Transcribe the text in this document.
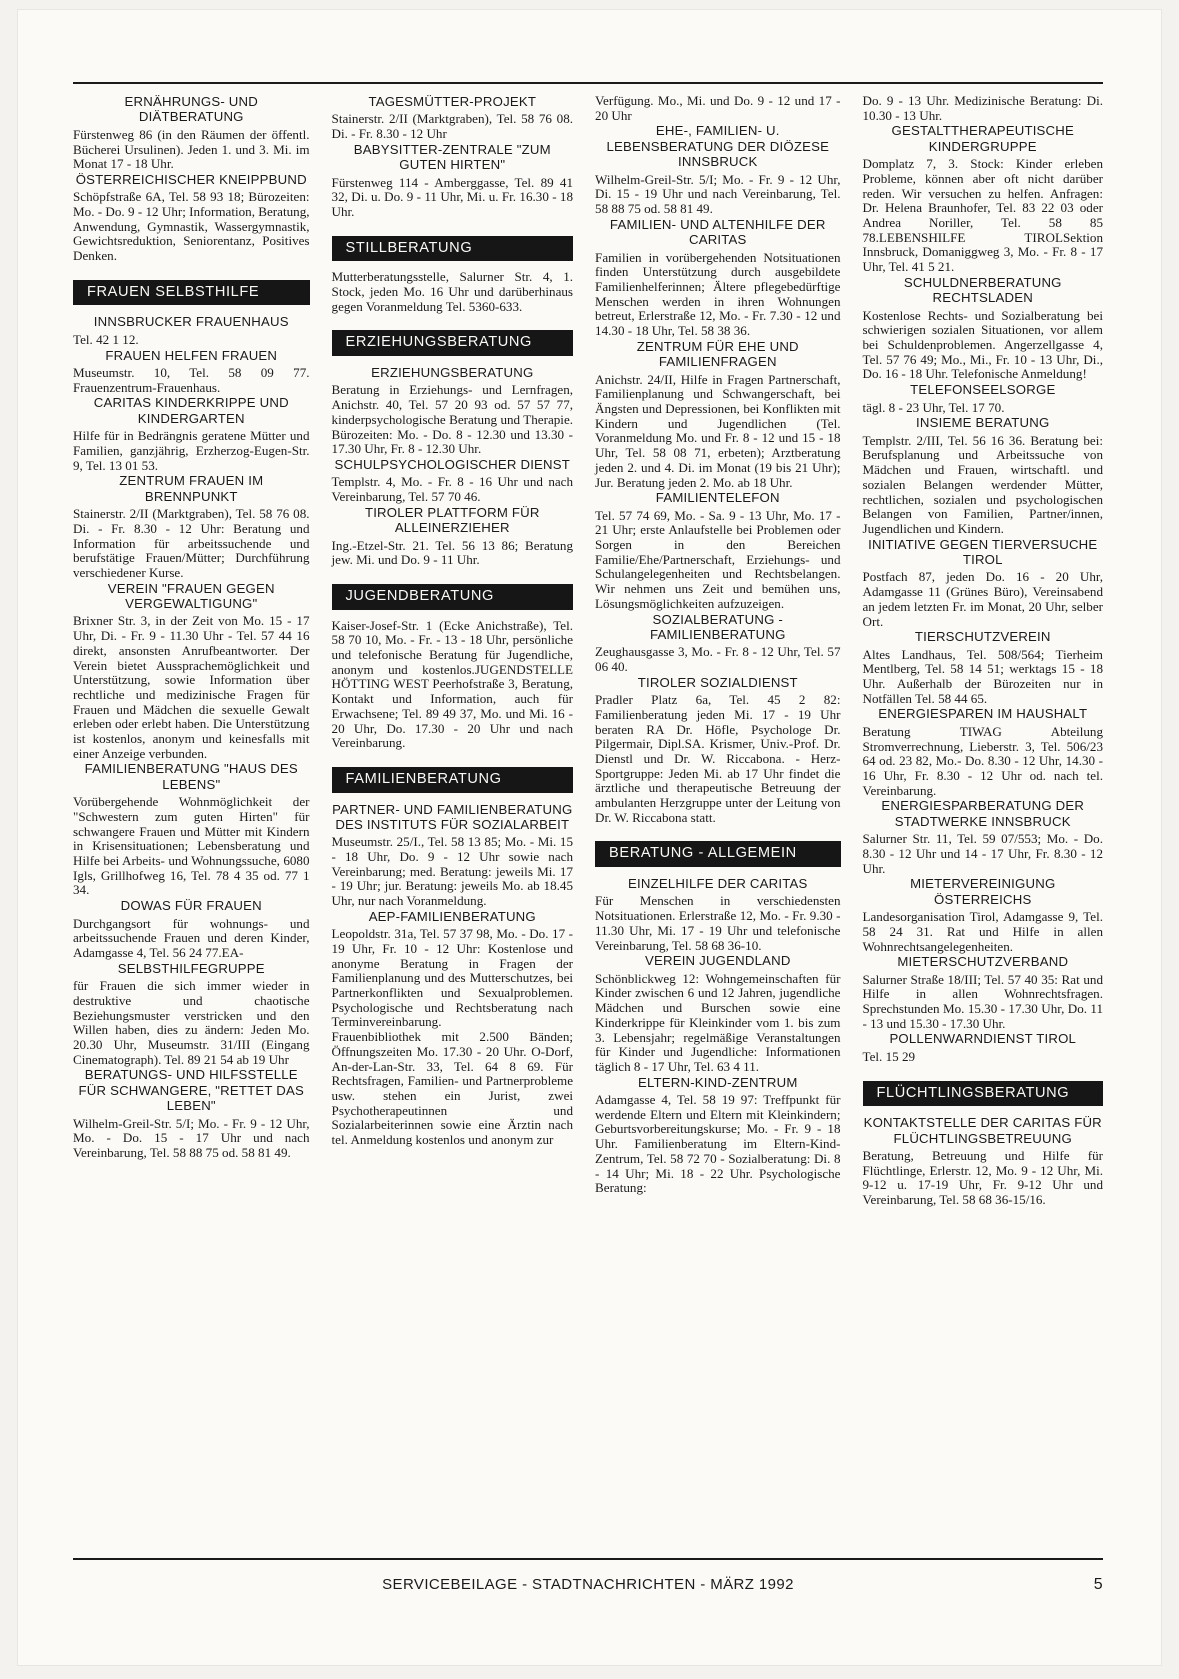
ERNÄHRUNGS- UND DIÄTBERATUNG
Fürstenweg 86 (in den Räumen der öffentl. Bücherei Ursulinen). Jeden 1. und 3. Mi. im Monat 17 - 18 Uhr.
ÖSTERREICHISCHER KNEIPPBUND
Schöpfstraße 6A, Tel. 58 93 18; Bürozeiten: Mo. - Do. 9 - 12 Uhr; Information, Beratung, Anwendung, Gymnastik, Wassergymnastik, Gewichtsreduktion, Seniorentanz, Positives Denken.
FRAUEN SELBSTHILFE
INNSBRUCKER FRAUENHAUS
Tel. 42 1 12.
FRAUEN HELFEN FRAUEN
Museumstr. 10, Tel. 58 09 77. Frauenzentrum-Frauenhaus.
CARITAS KINDERKRIPPE UND KINDERGARTEN
Hilfe für in Bedrängnis geratene Mütter und Familien, ganzjährig, Erzherzog-Eugen-Str. 9, Tel. 13 01 53.
ZENTRUM FRAUEN IM BRENNPUNKT
Stainerstr. 2/II (Marktgraben), Tel. 58 76 08. Di. - Fr. 8.30 - 12 Uhr: Beratung und Information für arbeitssuchende und berufstätige Frauen/Mütter; Durchführung verschiedener Kurse.
VEREIN "FRAUEN GEGEN VERGEWALTIGUNG"
Brixner Str. 3, in der Zeit von Mo. 15 - 17 Uhr, Di. - Fr. 9 - 11.30 Uhr - Tel. 57 44 16 direkt, ansonsten Anrufbeantworter. Der Verein bietet Aussprachemöglichkeit und Unterstützung, sowie Information über rechtliche und medizinische Fragen für Frauen und Mädchen die sexuelle Gewalt erleben oder erlebt haben. Die Unterstützung ist kostenlos, anonym und keinesfalls mit einer Anzeige verbunden.
FAMILIENBERATUNG "HAUS DES LEBENS"
Vorübergehende Wohnmöglichkeit der "Schwestern zum guten Hirten" für schwangere Frauen und Mütter mit Kindern in Krisensituationen; Lebensberatung und Hilfe bei Arbeits- und Wohnungssuche, 6080 Igls, Grillhofweg 16, Tel. 78 4 35 od. 77 1 34.
DOWAS FÜR FRAUEN
Durchgangsort für wohnungs- und arbeitssuchende Frauen und deren Kinder, Adamgasse 4, Tel. 56 24 77.EA-
SELBSTHILFEGRUPPE
für Frauen die sich immer wieder in destruktive und chaotische Beziehungsmuster verstricken und den Willen haben, dies zu ändern: Jeden Mo. 20.30 Uhr, Museumstr. 31/III (Eingang Cinematograph). Tel. 89 21 54 ab 19 Uhr
BERATUNGS- UND HILFSSTELLE FÜR SCHWANGERE, "RETTET DAS LEBEN"
Wilhelm-Greil-Str. 5/I; Mo. - Fr. 9 - 12 Uhr, Mo. - Do. 15 - 17 Uhr und nach Vereinbarung, Tel. 58 88 75 od. 58 81 49.
TAGESMÜTTER-PROJEKT
Stainerstr. 2/II (Marktgraben), Tel. 58 76 08. Di. - Fr. 8.30 - 12 Uhr
BABYSITTER-ZENTRALE "ZUM GUTEN HIRTEN"
Fürstenweg 114 - Amberggasse, Tel. 89 41 32, Di. u. Do. 9 - 11 Uhr, Mi. u. Fr. 16.30 - 18 Uhr.
STILLBERATUNG
Mutterberatungsstelle, Salurner Str. 4, 1. Stock, jeden Mo. 16 Uhr und darüberhinaus gegen Voranmeldung Tel. 5360-633.
ERZIEHUNGSBERATUNG
ERZIEHUNGSBERATUNG
Beratung in Erziehungs- und Lernfragen, Anichstr. 40, Tel. 57 20 93 od. 57 57 77, kinderpsychologische Beratung und Therapie. Bürozeiten: Mo. - Do. 8 - 12.30 und 13.30 - 17.30 Uhr, Fr. 8 - 12.30 Uhr.
SCHULPSYCHOLOGISCHER DIENST
Templstr. 4, Mo. - Fr. 8 - 16 Uhr und nach Vereinbarung, Tel. 57 70 46.
TIROLER PLATTFORM FÜR ALLEINERZIEHER
Ing.-Etzel-Str. 21. Tel. 56 13 86; Beratung jew. Mi. und Do. 9 - 11 Uhr.
JUGENDBERATUNG
Kaiser-Josef-Str. 1 (Ecke Anichstraße), Tel. 58 70 10, Mo. - Fr. - 13 - 18 Uhr, persönliche und telefonische Beratung für Jugendliche, anonym und kostenlos.JUGENDSTELLE HÖTTING WEST Peerhofstraße 3, Beratung, Kontakt und Information, auch für Erwachsene; Tel. 89 49 37, Mo. und Mi. 16 - 20 Uhr, Do. 17.30 - 20 Uhr und nach Vereinbarung.
FAMILIENBERATUNG
PARTNER- UND FAMILIENBERATUNG DES INSTITUTS FÜR SOZIALARBEIT
Museumstr. 25/I., Tel. 58 13 85; Mo. - Mi. 15 - 18 Uhr, Do. 9 - 12 Uhr sowie nach Vereinbarung; med. Beratung: jeweils Mi. 17 - 19 Uhr; jur. Beratung: jeweils Mo. ab 18.45 Uhr, nur nach Voranmeldung.
AEP-FAMILIENBERATUNG
Leopoldstr. 31a, Tel. 57 37 98, Mo. - Do. 17 - 19 Uhr, Fr. 10 - 12 Uhr: Kostenlose und anonyme Beratung in Fragen der Familienplanung und des Mutterschutzes, bei Partnerkonflikten und Sexualproblemen. Psychologische und Rechtsberatung nach Terminvereinbarung.
Frauenbibliothek mit 2.500 Bänden; Öffnungszeiten Mo. 17.30 - 20 Uhr. O-Dorf, An-der-Lan-Str. 33, Tel. 64 8 69. Für Rechtsfragen, Familien- und Partnerprobleme usw. stehen ein Jurist, zwei Psychotherapeutinnen und Sozialarbeiterinnen sowie eine Ärztin nach tel. Anmeldung kostenlos und anonym zur
Verfügung. Mo., Mi. und Do. 9 - 12 und 17 - 20 Uhr
EHE-, FAMILIEN- U. LEBENSBERATUNG DER DIÖZESE INNSBRUCK
Wilhelm-Greil-Str. 5/I; Mo. - Fr. 9 - 12 Uhr, Di. 15 - 19 Uhr und nach Vereinbarung, Tel. 58 88 75 od. 58 81 49.
FAMILIEN- UND ALTENHILFE DER CARITAS
Familien in vorübergehenden Notsituationen finden Unterstützung durch ausgebildete Familienhelferinnen; Ältere pflegebedürftige Menschen werden in ihren Wohnungen betreut, Erlerstraße 12, Mo. - Fr. 7.30 - 12 und 14.30 - 18 Uhr, Tel. 58 38 36.
ZENTRUM FÜR EHE UND FAMILIENFRAGEN
Anichstr. 24/II, Hilfe in Fragen Partnerschaft, Familienplanung und Schwangerschaft, bei Ängsten und Depressionen, bei Konflikten mit Kindern und Jugendlichen (Tel. Voranmeldung Mo. und Fr. 8 - 12 und 15 - 18 Uhr, Tel. 58 08 71, erbeten); Arztberatung jeden 2. und 4. Di. im Monat (19 bis 21 Uhr); Jur. Beratung jeden 2. Mo. ab 18 Uhr.
FAMILIENTELEFON
Tel. 57 74 69, Mo. - Sa. 9 - 13 Uhr, Mo. 17 - 21 Uhr; erste Anlaufstelle bei Problemen oder Sorgen in den Bereichen Familie/Ehe/Partnerschaft, Erziehungs- und Schulangelegenheiten und Rechtsbelangen. Wir nehmen uns Zeit und bemühen uns, Lösungsmöglichkeiten aufzuzeigen.
SOZIALBERATUNG - FAMILIENBERATUNG
Zeughausgasse 3, Mo. - Fr. 8 - 12 Uhr, Tel. 57 06 40.
TIROLER SOZIALDIENST
Pradler Platz 6a, Tel. 45 2 82: Familienberatung jeden Mi. 17 - 19 Uhr beraten RA Dr. Höfle, Psychologe Dr. Pilgermair, Dipl.SA. Krismer, Univ.-Prof. Dr. Dienstl und Dr. W. Riccabona. - Herz-Sportgruppe: Jeden Mi. ab 17 Uhr findet die ärztliche und therapeutische Betreuung der ambulanten Herzgruppe unter der Leitung von Dr. W. Riccabona statt.
BERATUNG - ALLGEMEIN
EINZELHILFE DER CARITAS
Für Menschen in verschiedensten Notsituationen. Erlerstraße 12, Mo. - Fr. 9.30 - 11.30 Uhr, Mi. 17 - 19 Uhr und telefonische Vereinbarung, Tel. 58 68 36-10.
VEREIN JUGENDLAND
Schönblickweg 12: Wohngemeinschaften für Kinder zwischen 6 und 12 Jahren, jugendliche Mädchen und Burschen sowie eine Kinderkrippe für Kleinkinder vom 1. bis zum 3. Lebensjahr; regelmäßige Veranstaltungen für Kinder und Jugendliche: Informationen täglich 8 - 17 Uhr, Tel. 63 4 11.
ELTERN-KIND-ZENTRUM
Adamgasse 4, Tel. 58 19 97: Treffpunkt für werdende Eltern und Eltern mit Kleinkindern; Geburtsvorbereitungskurse; Mo. - Fr. 9 - 18 Uhr. Familienberatung im Eltern-Kind-Zentrum, Tel. 58 72 70 - Sozialberatung: Di. 8 - 14 Uhr; Mi. 18 - 22 Uhr. Psychologische Beratung:
Do. 9 - 13 Uhr. Medizinische Beratung: Di. 10.30 - 13 Uhr.
GESTALTTHERAPEUTISCHE KINDERGRUPPE
Domplatz 7, 3. Stock: Kinder erleben Probleme, können aber oft nicht darüber reden. Wir versuchen zu helfen. Anfragen: Dr. Helena Braunhofer, Tel. 83 22 03 oder Andrea Noriller, Tel. 58 85 78.LEBENSHILFE TIROLSektion Innsbruck, Domaniggweg 3, Mo. - Fr. 8 - 17 Uhr, Tel. 41 5 21.
SCHULDNERBERATUNG RECHTSLADEN
Kostenlose Rechts- und Sozialberatung bei schwierigen sozialen Situationen, vor allem bei Schuldenproblemen. Angerzellgasse 4, Tel. 57 76 49; Mo., Mi., Fr. 10 - 13 Uhr, Di., Do. 16 - 18 Uhr. Telefonische Anmeldung!
TELEFONSEELSORGE
tägl. 8 - 23 Uhr, Tel. 17 70.
INSIEME BERATUNG
Templstr. 2/III, Tel. 56 16 36. Beratung bei: Berufsplanung und Arbeitssuche von Mädchen und Frauen, wirtschaftl. und sozialen Belangen werdender Mütter, rechtlichen, sozialen und psychologischen Belangen von Familien, Partner/innen, Jugendlichen und Kindern.
INITIATIVE GEGEN TIERVERSUCHE TIROL
Postfach 87, jeden Do. 16 - 20 Uhr, Adamgasse 11 (Grünes Büro), Vereinsabend an jedem letzten Fr. im Monat, 20 Uhr, selber Ort.
TIERSCHUTZVEREIN
Altes Landhaus, Tel. 508/564; Tierheim Mentlberg, Tel. 58 14 51; werktags 15 - 18 Uhr. Außerhalb der Bürozeiten nur in Notfällen Tel. 58 44 65.
ENERGIESPAREN IM HAUSHALT
Beratung TIWAG Abteilung Stromverrechnung, Lieberstr. 3, Tel. 506/23 64 od. 23 82, Mo.- Do. 8.30 - 12 Uhr, 14.30 - 16 Uhr, Fr. 8.30 - 12 Uhr od. nach tel. Vereinbarung.
ENERGIESPARBERATUNG DER STADTWERKE INNSBRUCK
Salurner Str. 11, Tel. 59 07/553; Mo. - Do. 8.30 - 12 Uhr und 14 - 17 Uhr, Fr. 8.30 - 12 Uhr.
MIETERVEREINIGUNG ÖSTERREICHS
Landesorganisation Tirol, Adamgasse 9, Tel. 58 24 31. Rat und Hilfe in allen Wohnrechtsangelegenheiten.
MIETERSCHUTZVERBAND
Salurner Straße 18/III; Tel. 57 40 35: Rat und Hilfe in allen Wohnrechtsfragen. Sprechstunden Mo. 15.30 - 17.30 Uhr, Do. 11 - 13 und 15.30 - 17.30 Uhr.
POLLENWARNDIENST TIROL
Tel. 15 29
FLÜCHTLINGSBERATUNG
KONTAKTSTELLE DER CARITAS FÜR FLÜCHTLINGSBETREUUNG
Beratung, Betreuung und Hilfe für Flüchtlinge, Erlerstr. 12, Mo. 9 - 12 Uhr, Mi. 9-12 u. 17-19 Uhr, Fr. 9-12 Uhr und Vereinbarung, Tel. 58 68 36-15/16.
SERVICEBEILAGE - STADTNACHRICHTEN - MÄRZ 1992	5
